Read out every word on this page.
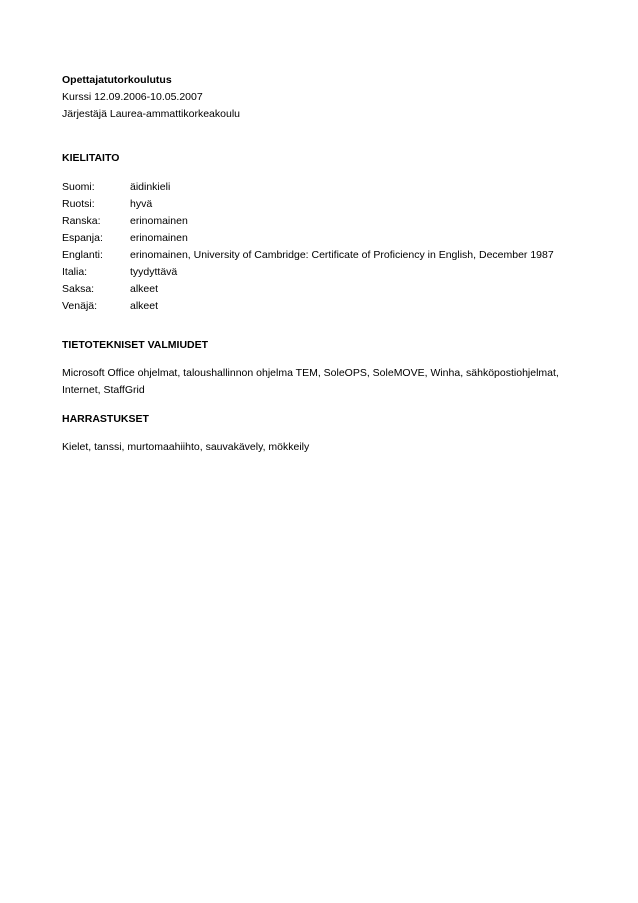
Opettajatutorkoulutus
Kurssi 12.09.2006-10.05.2007
Järjestäjä Laurea-ammattikorkeakoulu
KIELITAITO
Suomi:	äidinkieli
Ruotsi:	hyvä
Ranska:	erinomainen
Espanja:	erinomainen
Englanti:	erinomainen, University of Cambridge: Certificate of Proficiency in English, December 1987
Italia:	tyydyttävä
Saksa:	alkeet
Venäjä:	alkeet
TIETOTEKNISET VALMIUDET
Microsoft Office ohjelmat, taloushallinnon ohjelma TEM, SoleOPS, SoleMOVE, Winha, sähköpostiohjelmat, Internet, StaffGrid
HARRASTUKSET
Kielet, tanssi, murtomaahiihto, sauvakävely, mökkeily
